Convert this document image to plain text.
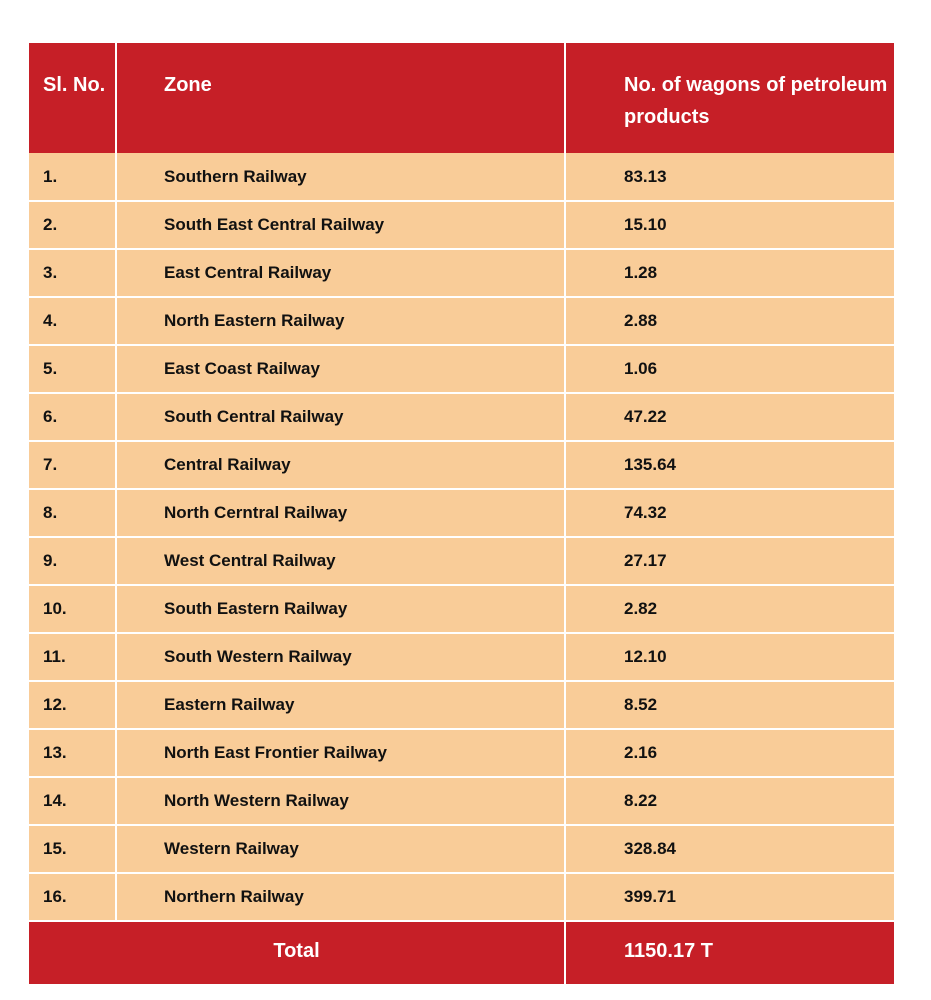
Sl. No.	Zone	No. of wagons of petroleum products
1.	Southern Railway	83.13
2.	South East Central Railway	15.10
3.	East Central Railway	1.28
4.	North Eastern Railway	2.88
5.	East Coast Railway	1.06
6.	South Central Railway	47.22
7.	Central Railway	135.64
8.	North Cerntral Railway	74.32
9.	West Central Railway	27.17
10.	South Eastern Railway	2.82
11.	South Western Railway	12.10
12.	Eastern Railway	8.52
13.	North East Frontier Railway	2.16
14.	North Western Railway	8.22
15.	Western Railway	328.84
16.	Northern Railway	399.71
Total		1150.17 T
